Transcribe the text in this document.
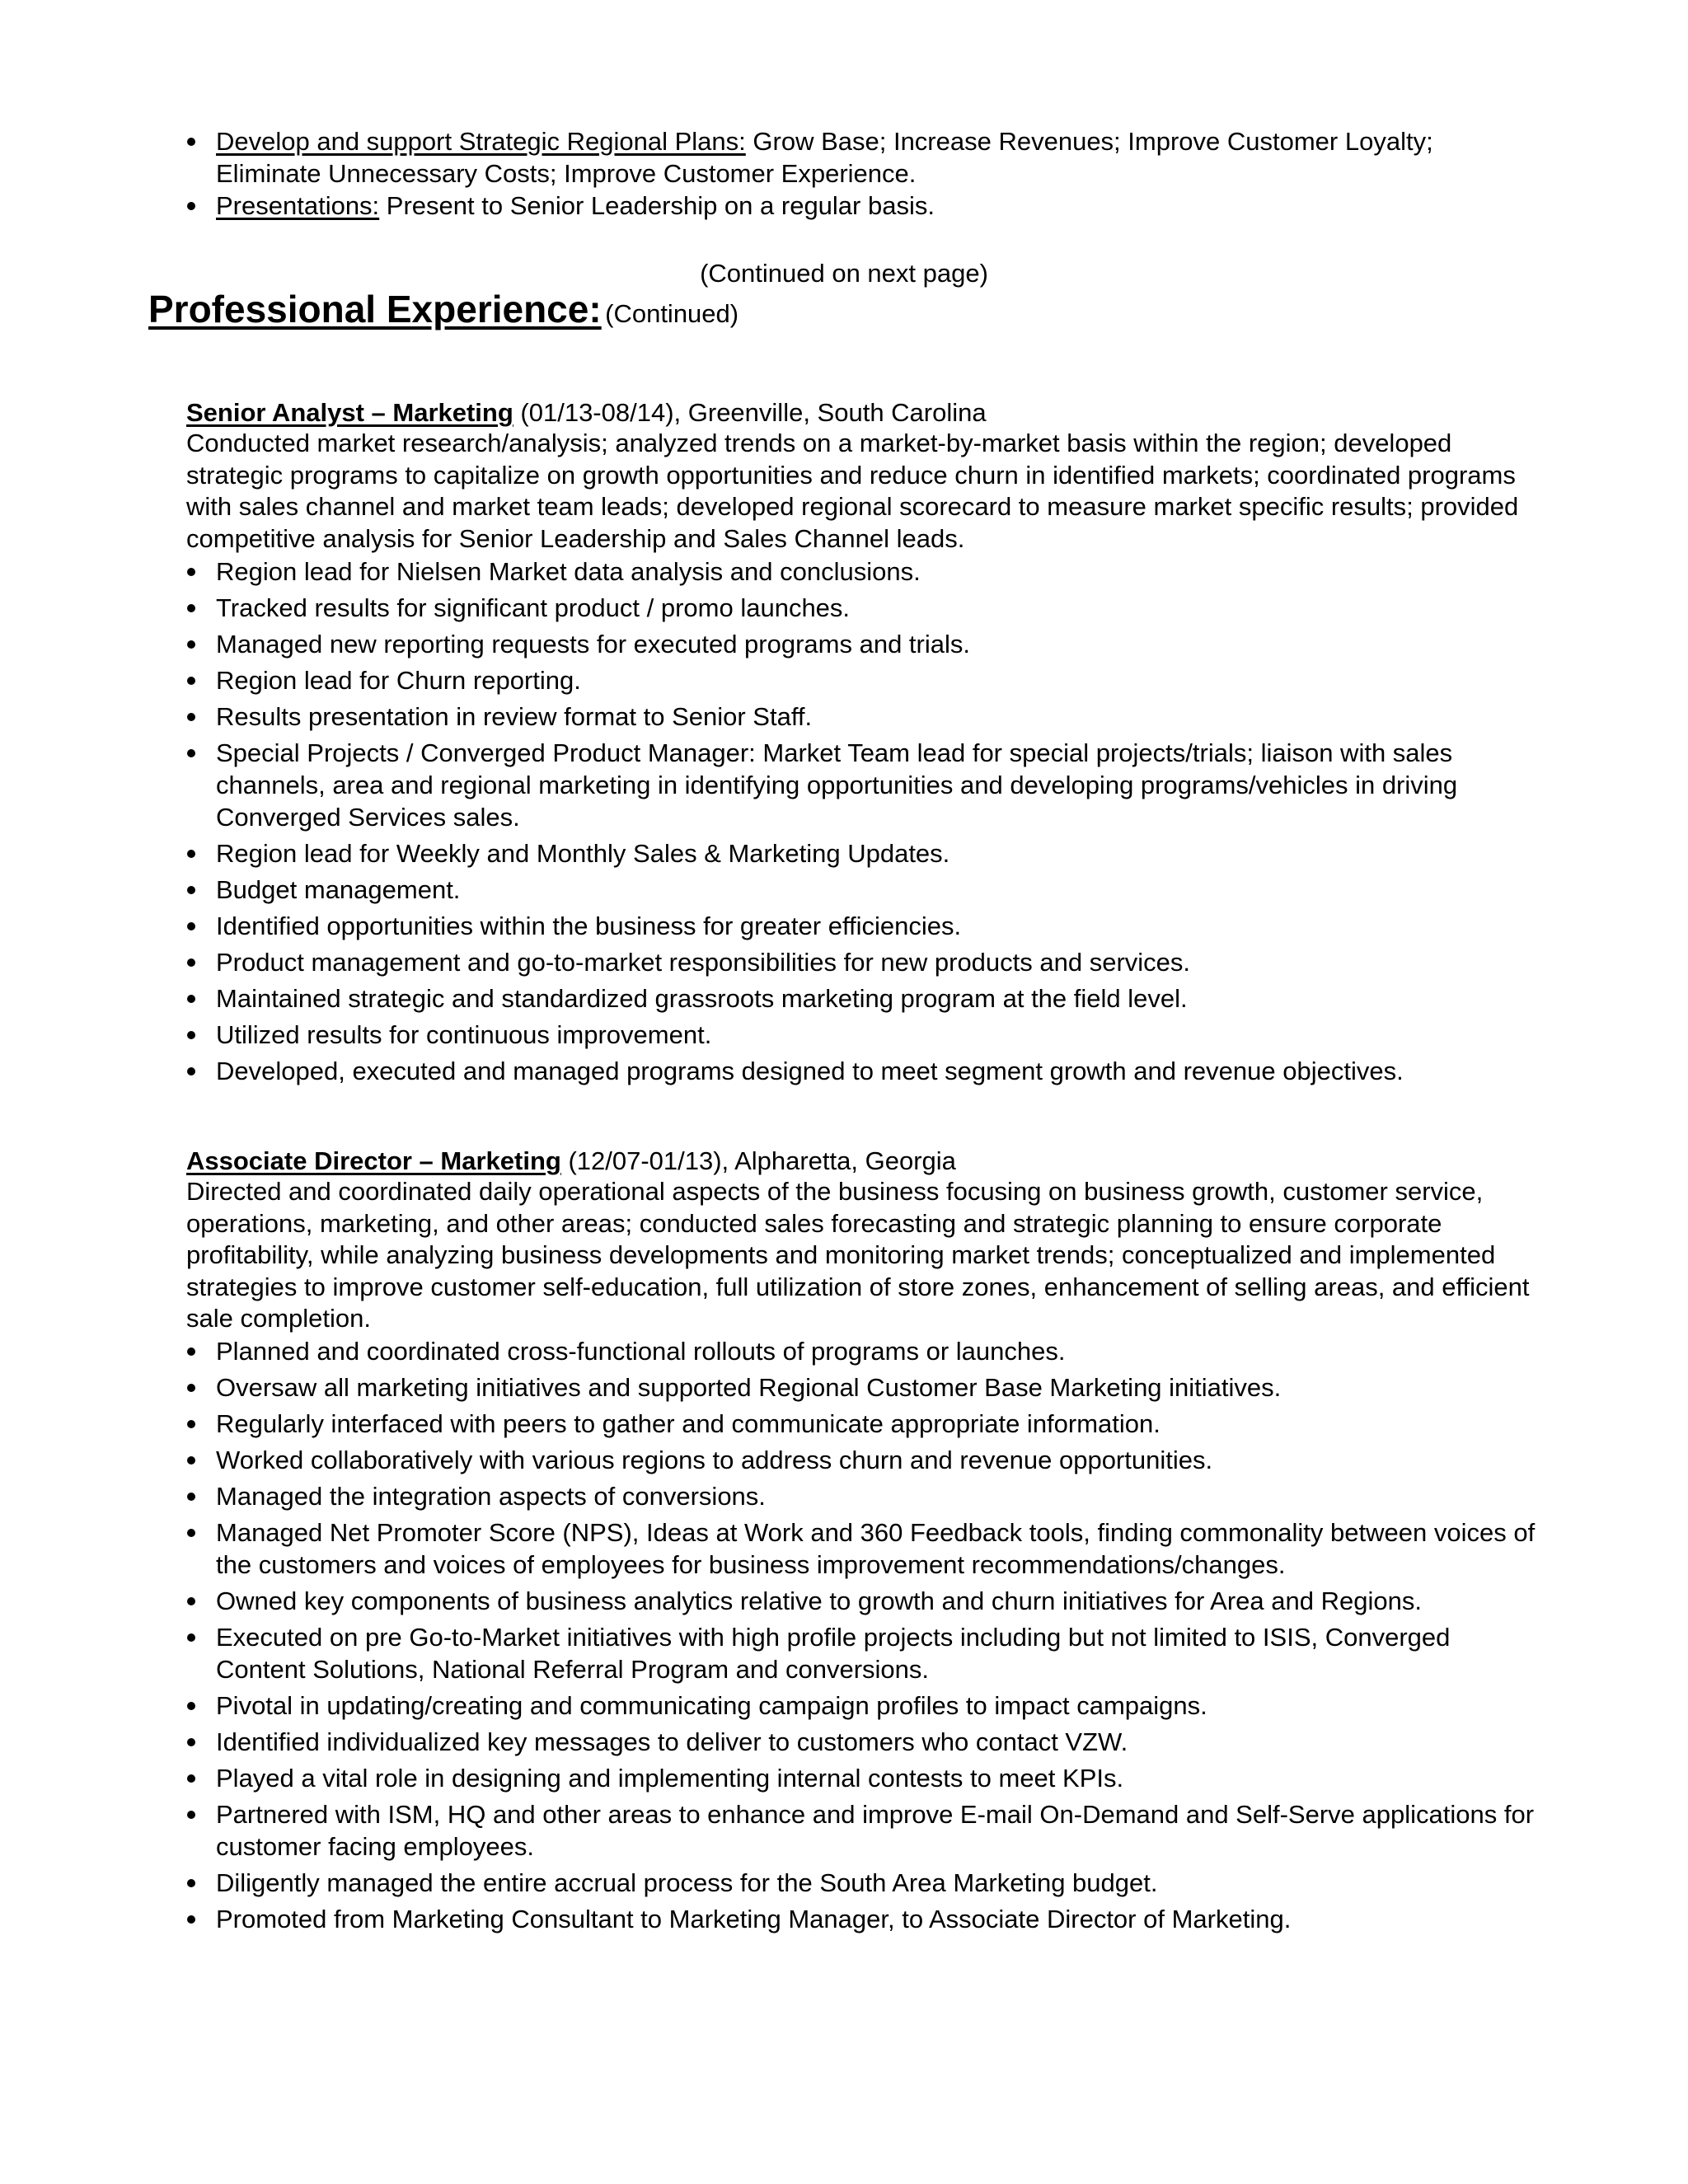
Develop and support Strategic Regional Plans: Grow Base; Increase Revenues; Improve Customer Loyalty; Eliminate Unnecessary Costs; Improve Customer Experience.
Presentations: Present to Senior Leadership on a regular basis.
(Continued on next page)
Professional Experience: (Continued)
Senior Analyst – Marketing (01/13-08/14), Greenville, South Carolina
Conducted market research/analysis; analyzed trends on a market-by-market basis within the region; developed strategic programs to capitalize on growth opportunities and reduce churn in identified markets; coordinated programs with sales channel and market team leads; developed regional scorecard to measure market specific results; provided competitive analysis for Senior Leadership and Sales Channel leads.
Region lead for Nielsen Market data analysis and conclusions.
Tracked results for significant product / promo launches.
Managed new reporting requests for executed programs and trials.
Region lead for Churn reporting.
Results presentation in review format to Senior Staff.
Special Projects / Converged Product Manager: Market Team lead for special projects/trials; liaison with sales channels, area and regional marketing in identifying opportunities and developing programs/vehicles in driving Converged Services sales.
Region lead for Weekly and Monthly Sales & Marketing Updates.
Budget management.
Identified opportunities within the business for greater efficiencies.
Product management and go-to-market responsibilities for new products and services.
Maintained strategic and standardized grassroots marketing program at the field level.
Utilized results for continuous improvement.
Developed, executed and managed programs designed to meet segment growth and revenue objectives.
Associate Director – Marketing (12/07-01/13), Alpharetta, Georgia
Directed and coordinated daily operational aspects of the business focusing on business growth, customer service, operations, marketing, and other areas; conducted sales forecasting and strategic planning to ensure corporate profitability, while analyzing business developments and monitoring market trends; conceptualized and implemented strategies to improve customer self-education, full utilization of store zones, enhancement of selling areas, and efficient sale completion.
Planned and coordinated cross-functional rollouts of programs or launches.
Oversaw all marketing initiatives and supported Regional Customer Base Marketing initiatives.
Regularly interfaced with peers to gather and communicate appropriate information.
Worked collaboratively with various regions to address churn and revenue opportunities.
Managed the integration aspects of conversions.
Managed Net Promoter Score (NPS), Ideas at Work and 360 Feedback tools, finding commonality between voices of the customers and voices of employees for business improvement recommendations/changes.
Owned key components of business analytics relative to growth and churn initiatives for Area and Regions.
Executed on pre Go-to-Market initiatives with high profile projects including but not limited to ISIS, Converged Content Solutions, National Referral Program and conversions.
Pivotal in updating/creating and communicating campaign profiles to impact campaigns.
Identified individualized key messages to deliver to customers who contact VZW.
Played a vital role in designing and implementing internal contests to meet KPIs.
Partnered with ISM, HQ and other areas to enhance and improve E-mail On-Demand and Self-Serve applications for customer facing employees.
Diligently managed the entire accrual process for the South Area Marketing budget.
Promoted from Marketing Consultant to Marketing Manager, to Associate Director of Marketing.
